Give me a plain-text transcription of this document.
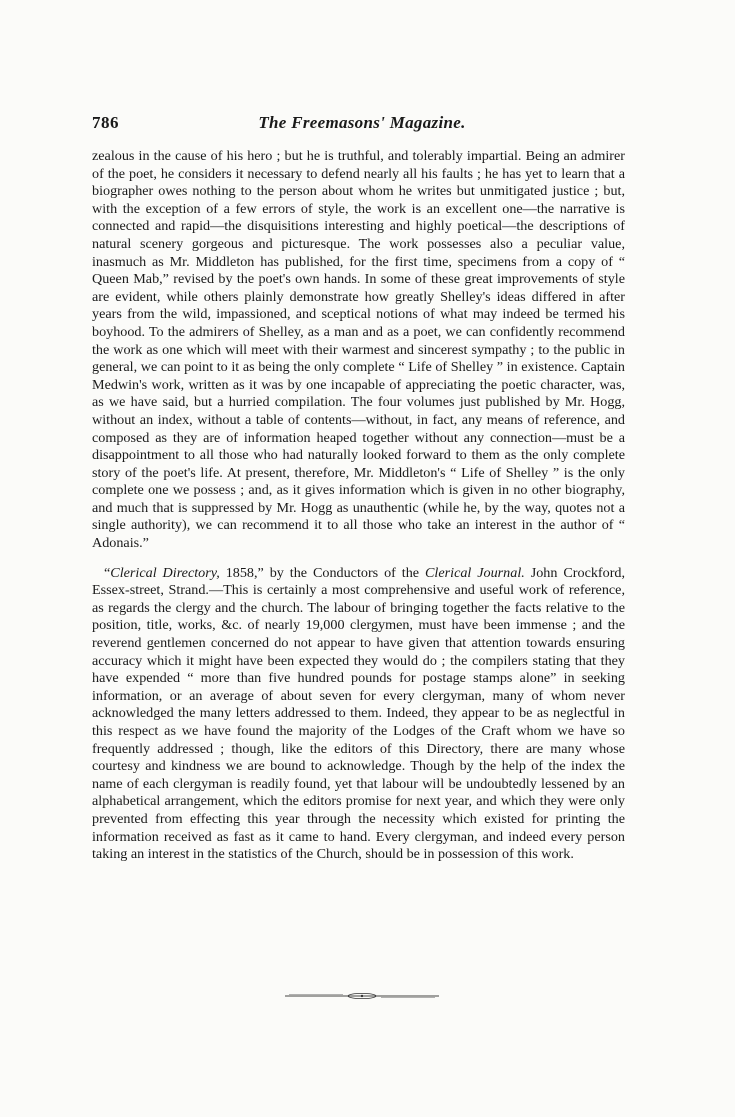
786	The Freemasons' Magazine.

zealous in the cause of his hero ; but he is truthful, and tolerably impartial. Being an admirer of the poet, he considers it necessary to defend nearly all his faults ; he has yet to learn that a biographer owes nothing to the person about whom he writes but unmitigated justice ; but, with the exception of a few errors of style, the work is an excellent one—the narrative is connected and rapid—the disquisitions interesting and highly poetical—the descriptions of natural scenery gorgeous and picturesque. The work possesses also a peculiar value, inasmuch as Mr. Middleton has published, for the first time, specimens from a copy of “ Queen Mab,” revised by the poet's own hands. In some of these great improvements of style are evident, while others plainly demonstrate how greatly Shelley's ideas differed in after years from the wild, impassioned, and sceptical notions of what may indeed be termed his boyhood. To the admirers of Shelley, as a man and as a poet, we can confidently recommend the work as one which will meet with their warmest and sincerest sympathy ; to the public in general, we can point to it as being the only complete “ Life of Shelley ” in existence. Captain Medwin's work, written as it was by one incapable of appreciating the poetic character, was, as we have said, but a hurried compilation. The four volumes just published by Mr. Hogg, without an index, without a table of contents—without, in fact, any means of reference, and composed as they are of information heaped together without any connection—must be a disappointment to all those who had naturally looked forward to them as the only complete story of the poet's life. At present, therefore, Mr. Middleton's “ Life of Shelley ” is the only complete one we possess ; and, as it gives information which is given in no other biography, and much that is suppressed by Mr. Hogg as unauthentic (while he, by the way, quotes not a single authority), we can recommend it to all those who take an interest in the author of “ Adonais.”

“Clerical Directory, 1858,” by the Conductors of the Clerical Journal. John Crockford, Essex-street, Strand.—This is certainly a most comprehensive and useful work of reference, as regards the clergy and the church. The labour of bringing together the facts relative to the position, title, works, &c. of nearly 19,000 clergymen, must have been immense ; and the reverend gentlemen concerned do not appear to have given that attention towards ensuring accuracy which it might have been expected they would do ; the compilers stating that they have expended “ more than five hundred pounds for postage stamps alone” in seeking information, or an average of about seven for every clergyman, many of whom never acknowledged the many letters addressed to them. Indeed, they appear to be as neglectful in this respect as we have found the majority of the Lodges of the Craft whom we have so frequently addressed ; though, like the editors of this Directory, there are many whose courtesy and kindness we are bound to acknowledge. Though by the help of the index the name of each clergyman is readily found, yet that labour will be undoubtedly lessened by an alphabetical arrangement, which the editors promise for next year, and which they were only prevented from effecting this year through the necessity which existed for printing the information received as fast as it came to hand. Every clergyman, and indeed every person taking an interest in the statistics of the Church, should be in possession of this work.
